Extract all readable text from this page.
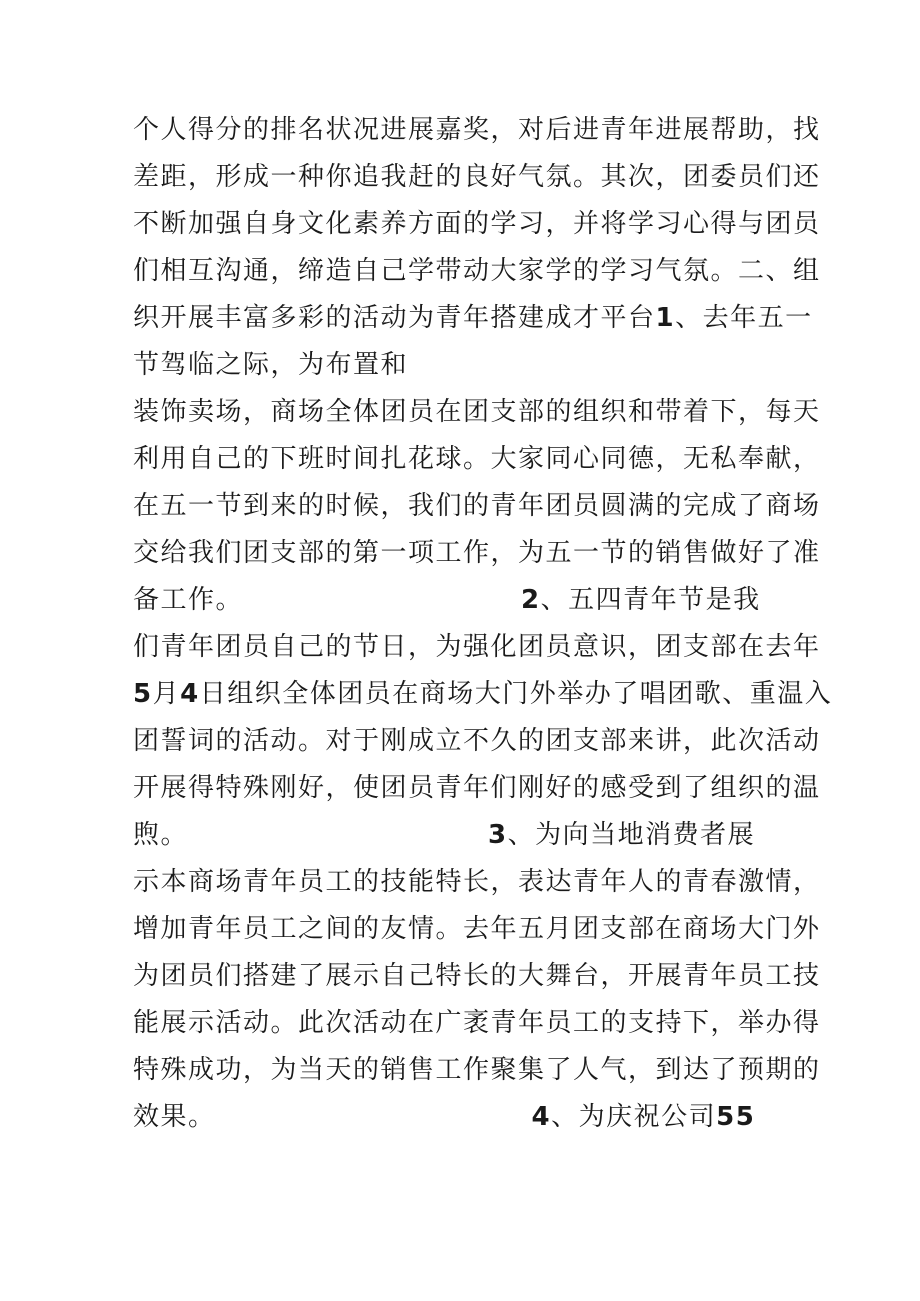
个人得分的排名状况进展嘉奖，对后进青年进展帮助，找
差距，形成一种你追我赶的良好气氛。其次，团委员们还
不断加强自身文化素养方面的学习，并将学习心得与团员
们相互沟通，缔造自己学带动大家学的学习气氛。二、组
织开展丰富多彩的活动为青年搭建成才平台1、去年五一
节驾临之际，为布置和
装饰卖场，商场全体团员在团支部的组织和带着下，每天
利用自己的下班时间扎花球。大家同心同德，无私奉献，
在五一节到来的时候，我们的青年团员圆满的完成了商场
交给我们团支部的第一项工作，为五一节的销售做好了准
备工作。	2、五四青年节是我
们青年团员自己的节日，为强化团员意识，团支部在去年
5月4日组织全体团员在商场大门外举办了唱团歌、重温入
团誓词的活动。对于刚成立不久的团支部来讲，此次活动
开展得特殊刚好，使团员青年们刚好的感受到了组织的温
煦。	3、为向当地消费者展
示本商场青年员工的技能特长，表达青年人的青春激情，
增加青年员工之间的友情。去年五月团支部在商场大门外
为团员们搭建了展示自己特长的大舞台，开展青年员工技
能展示活动。此次活动在广袤青年员工的支持下，举办得
特殊成功，为当天的销售工作聚集了人气，到达了预期的
效果。	4、为庆祝公司55
